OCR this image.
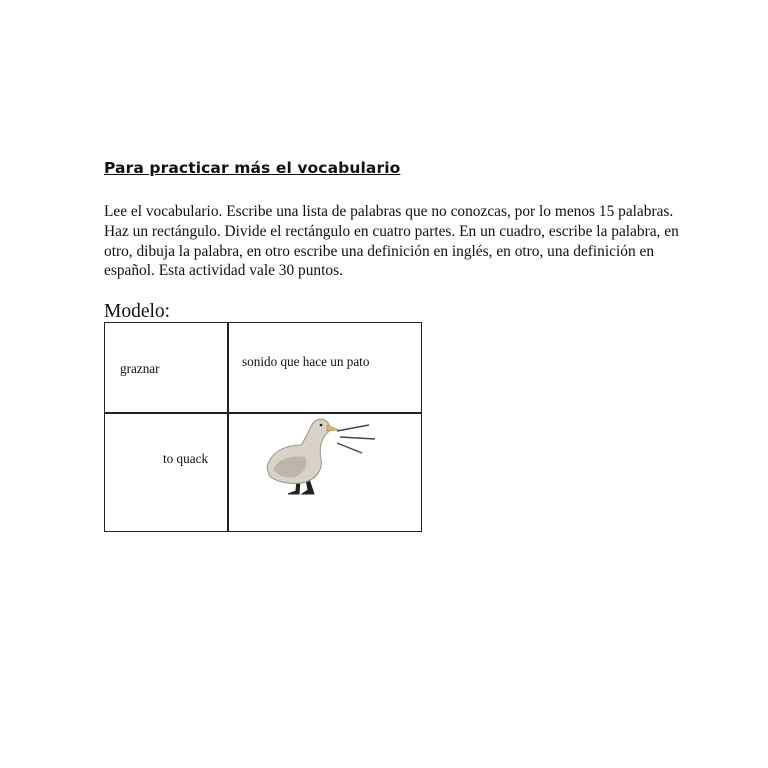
Para practicar más el vocabulario

Lee el vocabulario. Escribe una lista de palabras que no conozcas, por lo menos 15 palabras. Haz un rectángulo. Divide el rectángulo en cuatro partes. En un cuadro, escribe la palabra, en otro, dibuja la palabra, en otro escribe una definición en inglés, en otro, una definición en español. Esta actividad vale 30 puntos.

Modelo:
graznar	sonido que hace un pato
to quack
